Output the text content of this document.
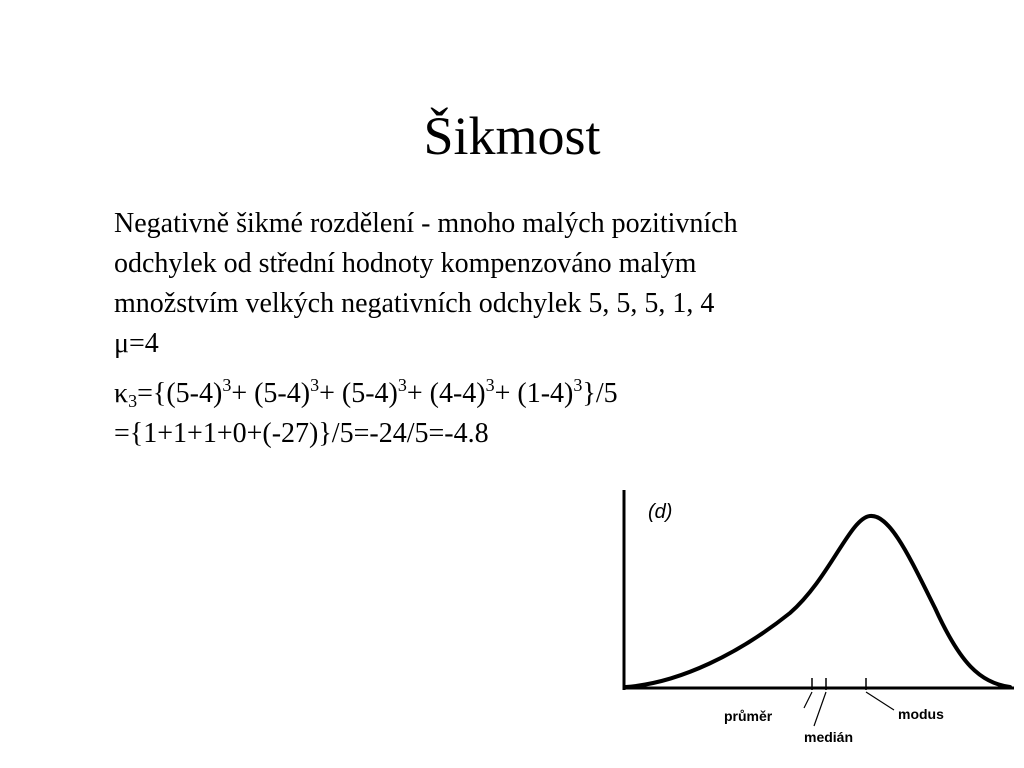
Šikmost

Negativně šikmé rozdělení - mnoho malých pozitivních
odchylek od střední hodnoty kompenzováno malým
množstvím velkých negativních odchylek 5, 5, 5, 1, 4
μ=4

$\kappa_3=\{(5-4)^3+ (5-4)^3+ (5-4)^3+ (4-4)^3+ (1-4)^3\}/5$
={1+1+1+0+(-27)}/5=-24/5=-4.8

(d)
průměr
medián
modus
